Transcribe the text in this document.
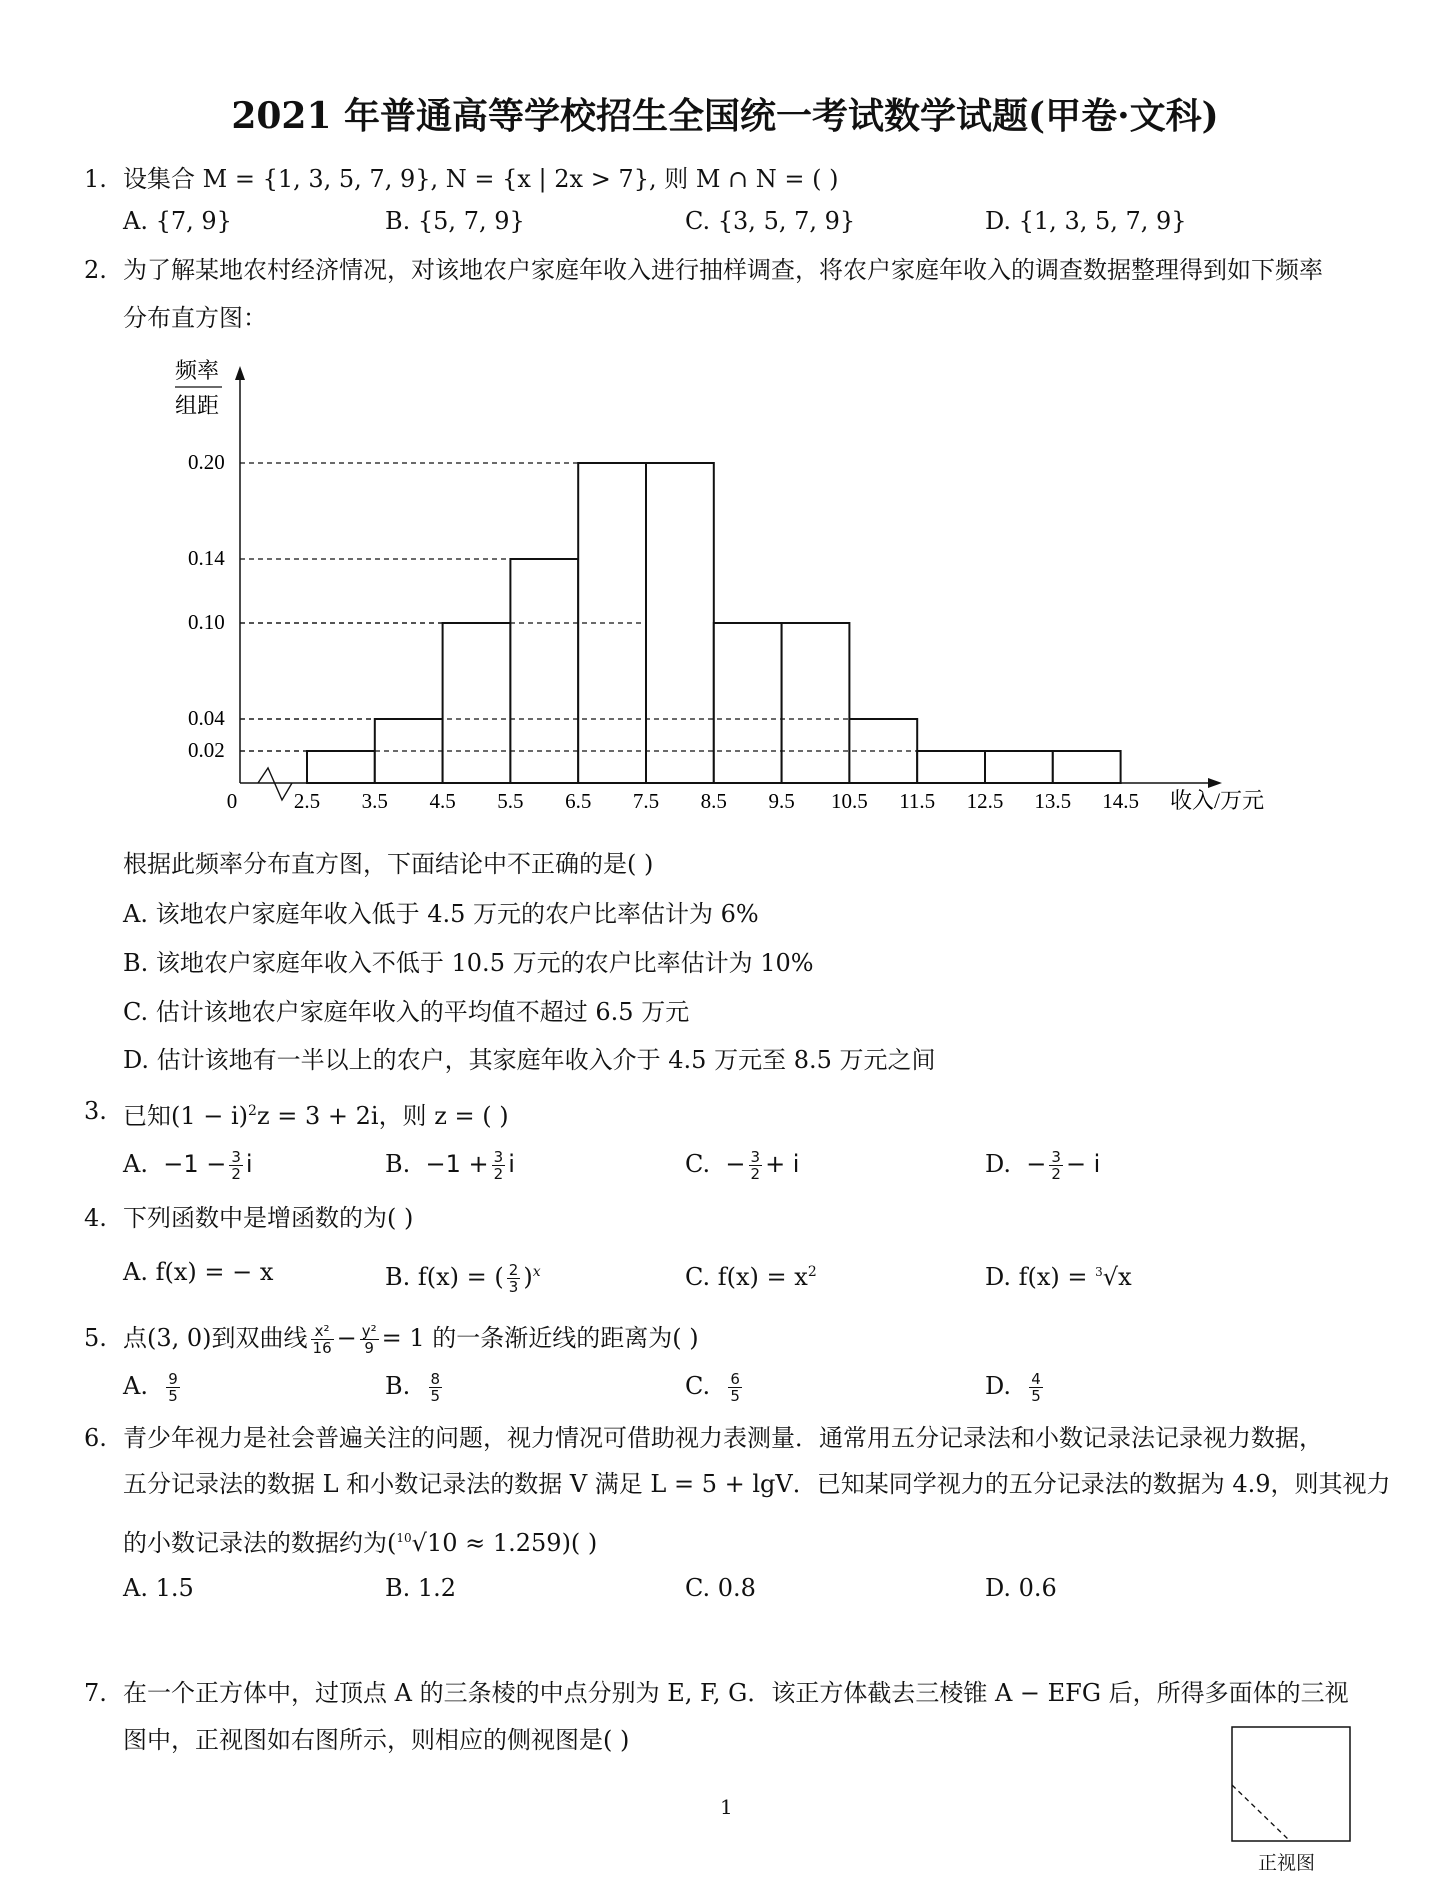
2021 年普通高等学校招生全国统一考试数学试题(甲卷·文科)
1. 设集合 M = {1, 3, 5, 7, 9}, N = {x | 2x > 7}, 则 M ∩ N = ( )
A. {7, 9}	B. {5, 7, 9}	C. {3, 5, 7, 9}	D. {1, 3, 5, 7, 9}
2. 为了解某地农村经济情况，对该地农户家庭年收入进行抽样调查，将农户家庭年收入的调查数据整理得到如下频率
分布直方图：
频率
组距
0.02
0.04
0.10
0.14
0.20
2.5 3.5 4.5 5.5 6.5 7.5 8.5 9.5 10.5 11.5 12.5 13.5 14.5
0	收入/万元
根据此频率分布直方图，下面结论中不正确的是( )
A. 该地农户家庭年收入低于 4.5 万元的农户比率估计为 6%
B. 该地农户家庭年收入不低于 10.5 万元的农户比率估计为 10%
C. 估计该地农户家庭年收入的平均值不超过 6.5 万元
D. 估计该地有一半以上的农户，其家庭年收入介于 4.5 万元至 8.5 万元之间
3. 已知$(1 - i)^2z = 3 + 2i$，则 z = ( )
A. $-1 - \frac{3}{2}$ i	B. $-1 + \frac{3}{2}$ i	C. − $\frac{3}{2} + i$	D. − $\frac{3}{2} - i$
4. 下列函数中是增函数的为( )
A. f(x) = − x	B. f(x) = ( $\frac{2}{3} )^x$	C. $f(x) = x^2$	D. f(x) = $^3$√x
5. 点(3, 0)到双曲线 $\frac{\text{x²}}{16} - \frac{\text{y²}}{9} = 1$ 的一条渐近线的距离为( )
A. $\frac{9}{5}$	B. $\frac{8}{5}$	C. $\frac{6}{5}$	D. $\frac{4}{5}$
6. 青少年视力是社会普遍关注的问题，视力情况可借助视力表测量．通常用五分记录法和小数记录法记录视力数据，
五分记录法的数据 L 和小数记录法的数据 V 满足 L = 5 + lgV．已知某同学视力的五分记录法的数据为 4.9，则其视力
的小数记录法的数据约为($^{10}$√10 ≈ 1.259)( )
A. 1.5	B. 1.2	C. 0.8	D. 0.6
7. 在一个正方体中，过顶点 A 的三条棱的中点分别为 E, F, G．该正方体截去三棱锥 A − EFG 后，所得多面体的三视
图中，正视图如右图所示，则相应的侧视图是( )
正视图
1
